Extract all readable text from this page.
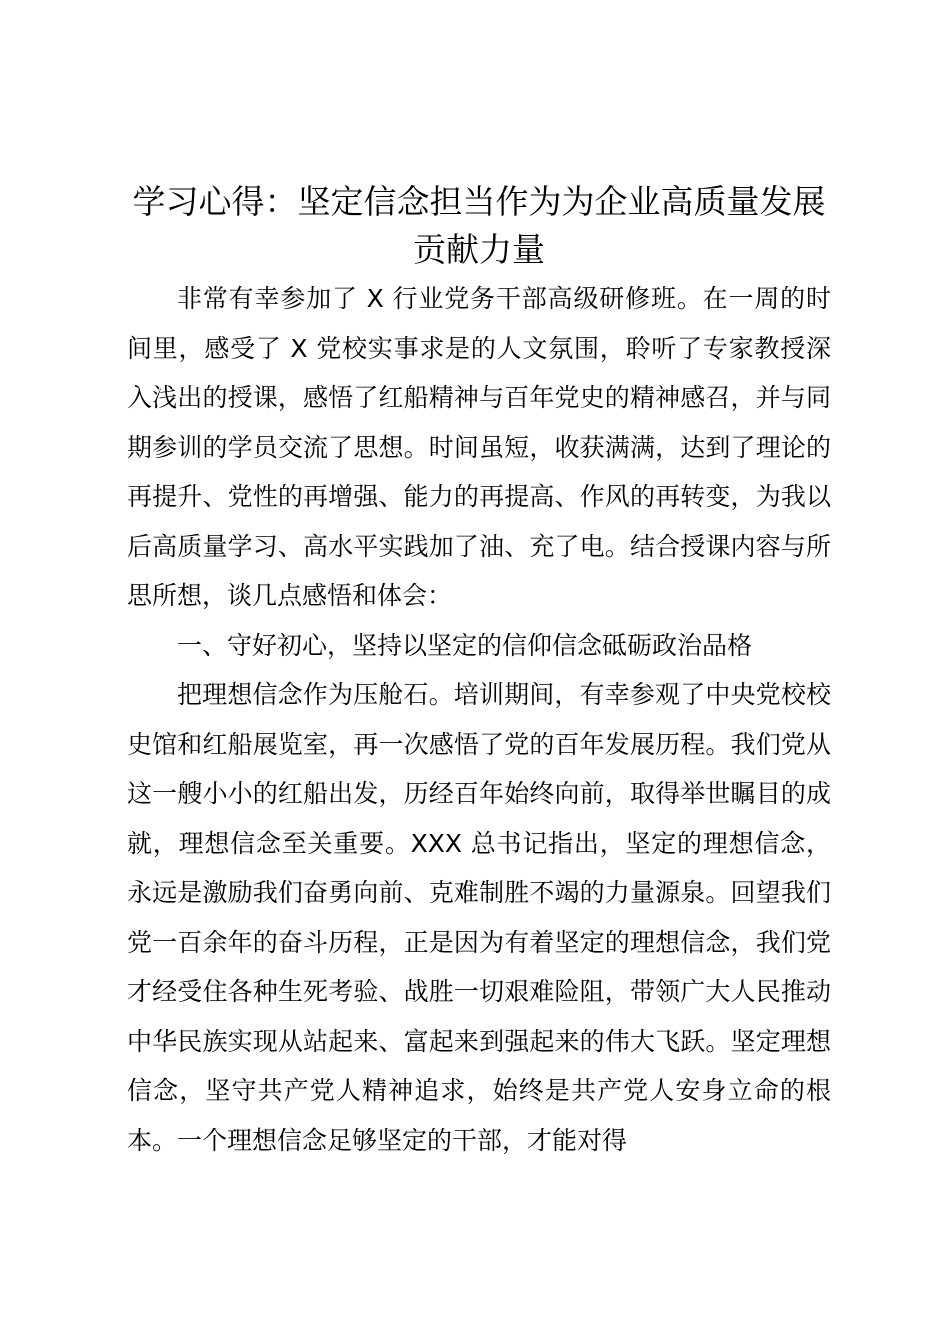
学习心得：坚定信念担当作为为企业高质量发展贡献力量

非常有幸参加了 X 行业党务干部高级研修班。在一周的时间里，感受了 X 党校实事求是的人文氛围，聆听了专家教授深入浅出的授课，感悟了红船精神与百年党史的精神感召，并与同期参训的学员交流了思想。时间虽短，收获满满，达到了理论的再提升、党性的再增强、能力的再提高、作风的再转变，为我以后高质量学习、高水平实践加了油、充了电。结合授课内容与所思所想，谈几点感悟和体会：

一、守好初心，坚持以坚定的信仰信念砥砺政治品格

把理想信念作为压舱石。培训期间，有幸参观了中央党校校史馆和红船展览室，再一次感悟了党的百年发展历程。我们党从这一艘小小的红船出发，历经百年始终向前，取得举世瞩目的成就，理想信念至关重要。XXX 总书记指出，坚定的理想信念，永远是激励我们奋勇向前、克难制胜不竭的力量源泉。回望我们党一百余年的奋斗历程，正是因为有着坚定的理想信念，我们党才经受住各种生死考验、战胜一切艰难险阻，带领广大人民推动中华民族实现从站起来、富起来到强起来的伟大飞跃。坚定理想信念，坚守共产党人精神追求，始终是共产党人安身立命的根本。一个理想信念足够坚定的干部，才能对得
